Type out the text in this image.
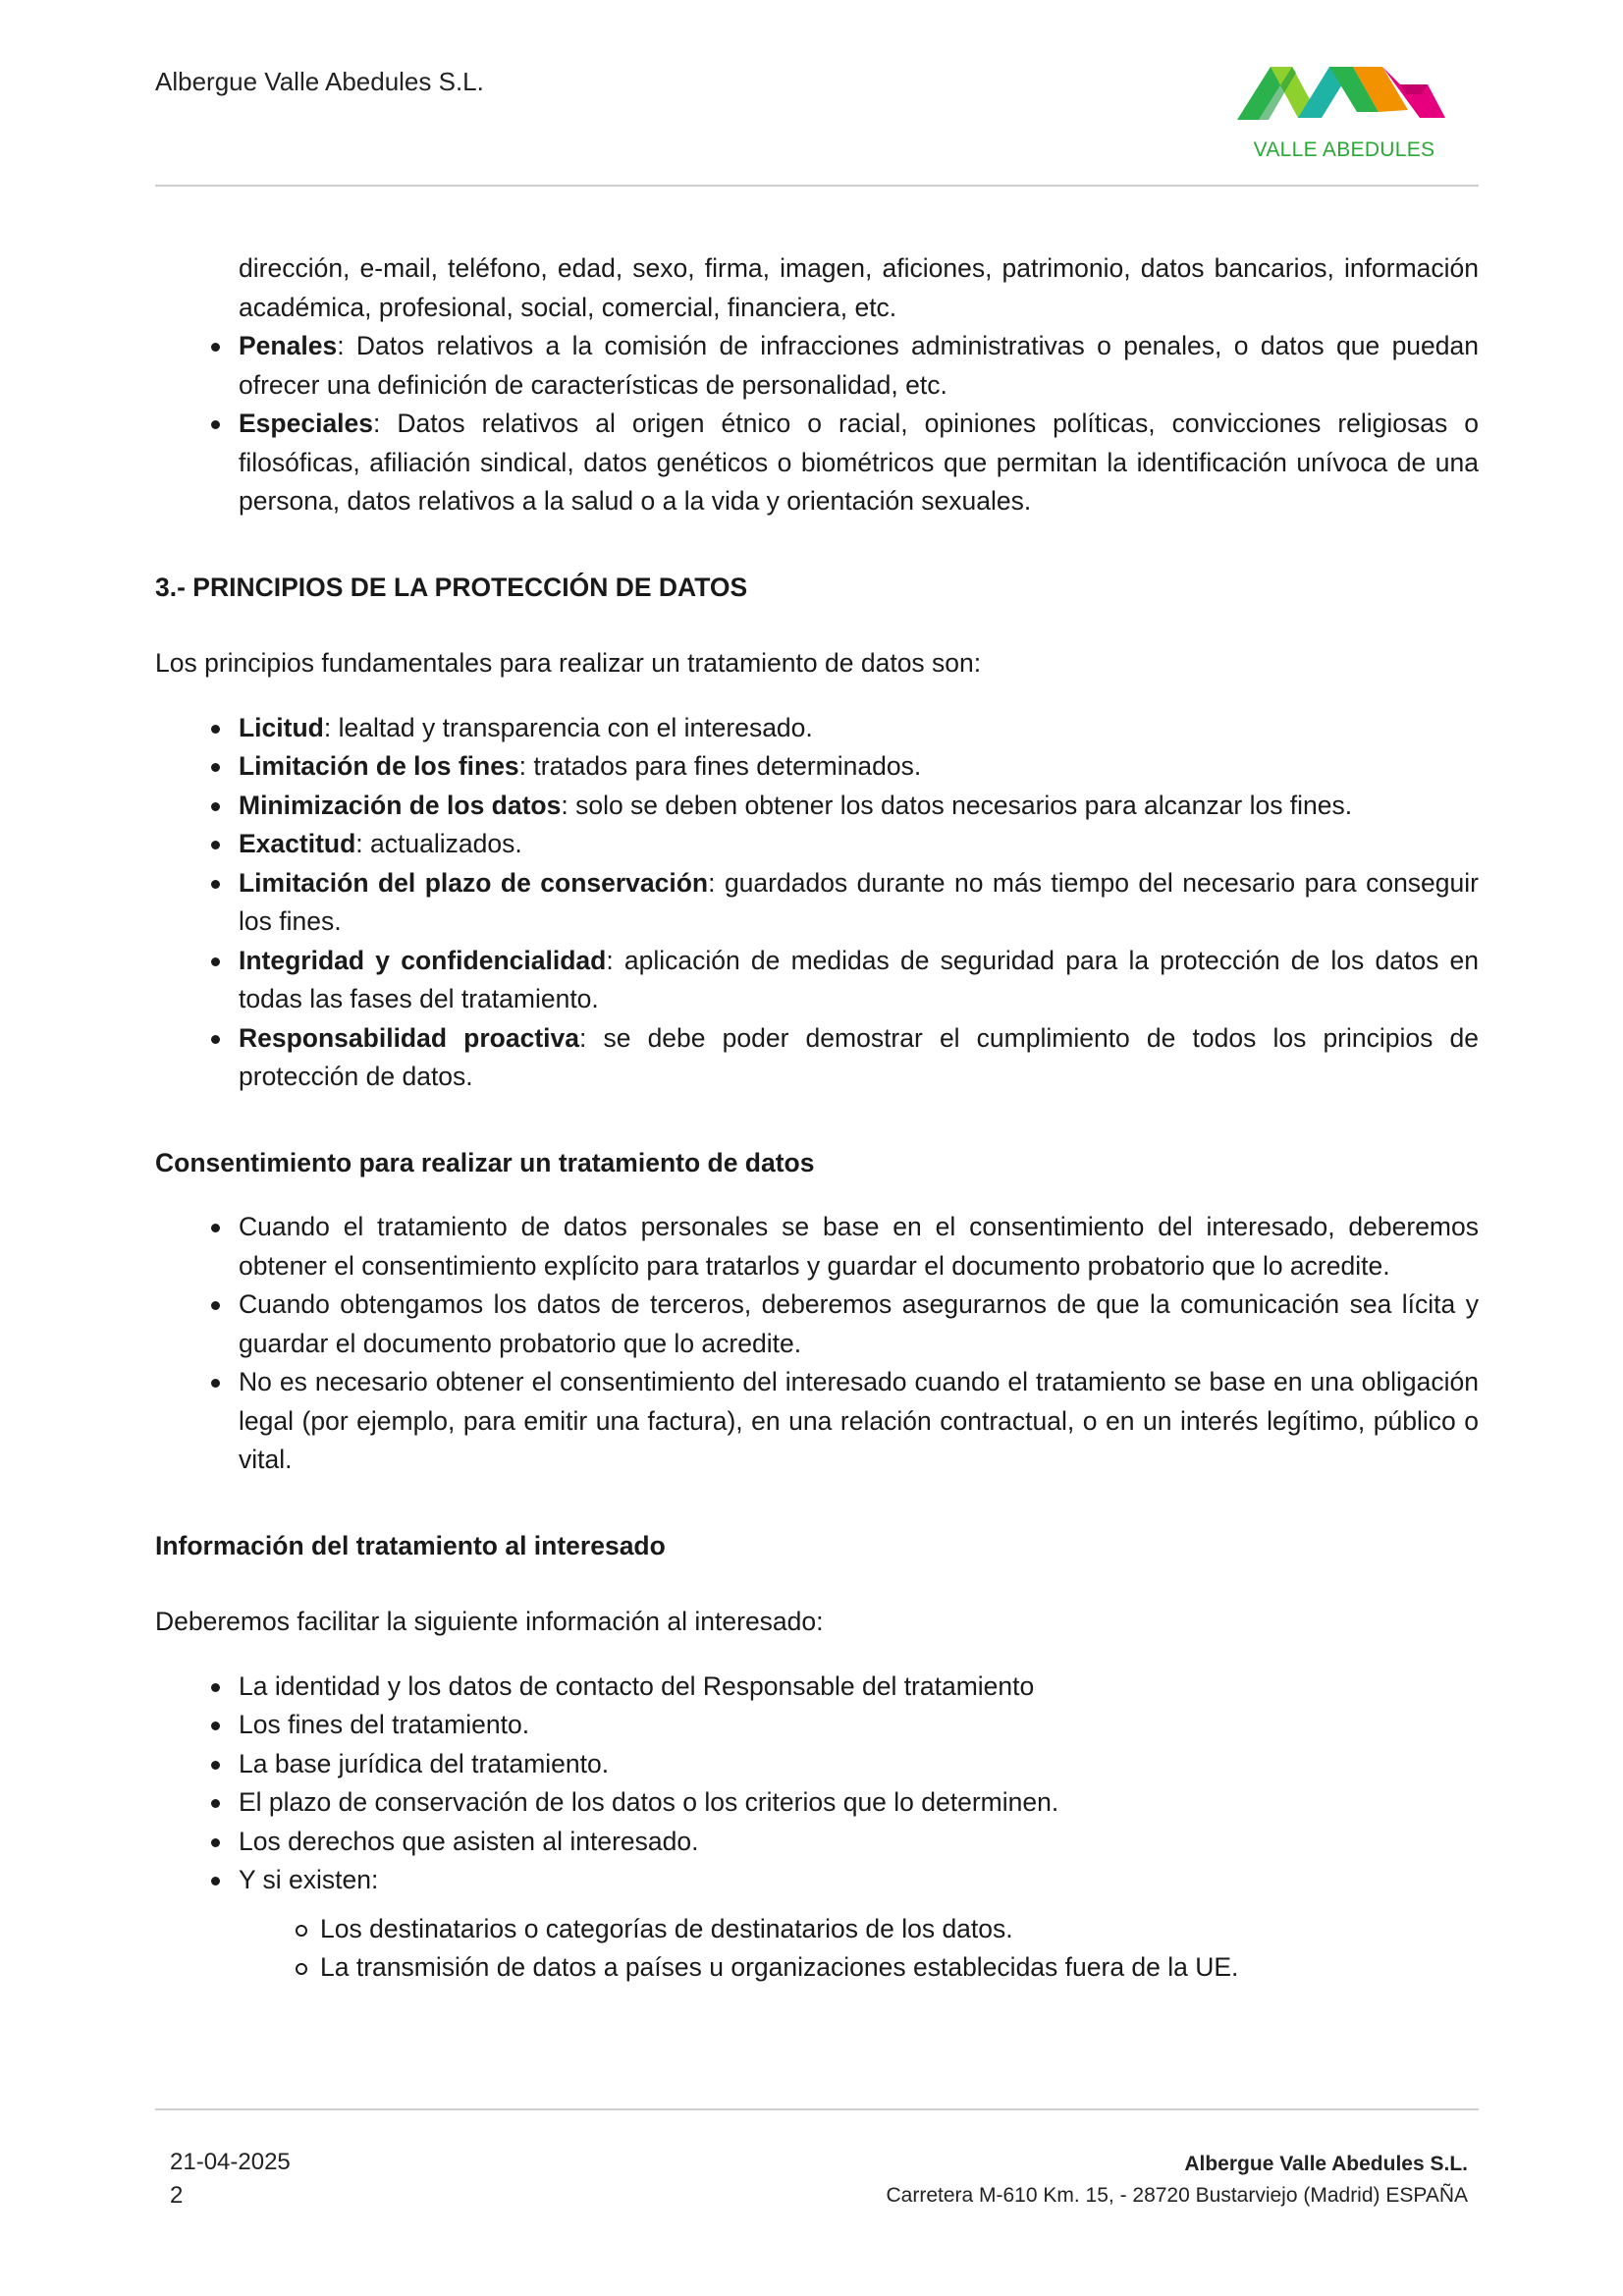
Albergue Valle Abedules S.L.
VALLE ABEDULES
dirección, e-mail, teléfono, edad, sexo, firma, imagen, aficiones, patrimonio, datos bancarios, información académica, profesional, social, comercial, financiera, etc.
Penales: Datos relativos a la comisión de infracciones administrativas o penales, o datos que puedan ofrecer una definición de características de personalidad, etc.
Especiales: Datos relativos al origen étnico o racial, opiniones políticas, convicciones religiosas o filosóficas, afiliación sindical, datos genéticos o biométricos que permitan la identificación unívoca de una persona, datos relativos a la salud o a la vida y orientación sexuales.

3.- PRINCIPIOS DE LA PROTECCIÓN DE DATOS

Los principios fundamentales para realizar un tratamiento de datos son:

Licitud: lealtad y transparencia con el interesado.
Limitación de los fines: tratados para fines determinados.
Minimización de los datos: solo se deben obtener los datos necesarios para alcanzar los fines.
Exactitud: actualizados.
Limitación del plazo de conservación: guardados durante no más tiempo del necesario para conseguir los fines.
Integridad y confidencialidad: aplicación de medidas de seguridad para la protección de los datos en todas las fases del tratamiento.
Responsabilidad proactiva: se debe poder demostrar el cumplimiento de todos los principios de protección de datos.

Consentimiento para realizar un tratamiento de datos

Cuando el tratamiento de datos personales se base en el consentimiento del interesado, deberemos obtener el consentimiento explícito para tratarlos y guardar el documento probatorio que lo acredite.
Cuando obtengamos los datos de terceros, deberemos asegurarnos de que la comunicación sea lícita y guardar el documento probatorio que lo acredite.
No es necesario obtener el consentimiento del interesado cuando el tratamiento se base en una obligación legal (por ejemplo, para emitir una factura), en una relación contractual, o en un interés legítimo, público o vital.

Información del tratamiento al interesado

Deberemos facilitar la siguiente información al interesado:

La identidad y los datos de contacto del Responsable del tratamiento
Los fines del tratamiento.
La base jurídica del tratamiento.
El plazo de conservación de los datos o los criterios que lo determinen.
Los derechos que asisten al interesado.
Y si existen:
Los destinatarios o categorías de destinatarios de los datos.
La transmisión de datos a países u organizaciones establecidas fuera de la UE.
21-04-2025
2
Albergue Valle Abedules S.L.
Carretera M-610 Km. 15, - 28720 Bustarviejo (Madrid) ESPAÑA
